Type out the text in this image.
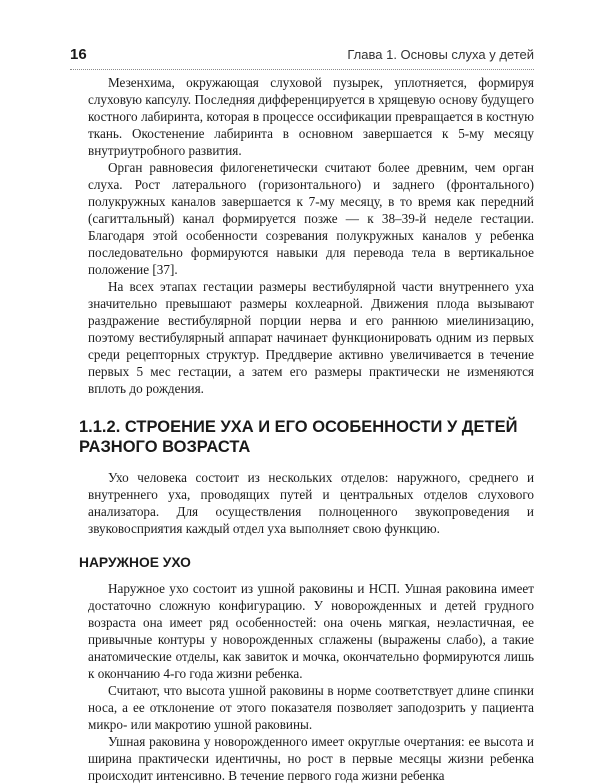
16	Глава 1. Основы слуха у детей

Мезенхима, окружающая слуховой пузырек, уплотняется, формируя слуховую капсулу. Последняя дифференцируется в хрящевую основу будущего костного лабиринта, которая в процессе оссификации превращается в костную ткань. Окостенение лабиринта в основном завершается к 5-му месяцу внутриутробного развития.

Орган равновесия филогенетически считают более древним, чем орган слуха. Рост латерального (горизонтального) и заднего (фронтального) полукружных каналов завершается к 7-му месяцу, в то время как передний (сагиттальный) канал формируется позже — к 38–39-й неделе гестации. Благодаря этой особенности созревания полукружных каналов у ребенка последовательно формируются навыки для перевода тела в вертикальное положение [37].

На всех этапах гестации размеры вестибулярной части внутреннего уха значительно превышают размеры кохлеарной. Движения плода вызывают раздражение вестибулярной порции нерва и его раннюю миелинизацию, поэтому вестибулярный аппарат начинает функционировать одним из первых среди рецепторных структур. Преддверие активно увеличивается в течение первых 5 мес гестации, а затем его размеры практически не изменяются вплоть до рождения.

1.1.2. СТРОЕНИЕ УХА И ЕГО ОСОБЕННОСТИ У ДЕТЕЙ РАЗНОГО ВОЗРАСТА

Ухо человека состоит из нескольких отделов: наружного, среднего и внутреннего уха, проводящих путей и центральных отделов слухового анализатора. Для осуществления полноценного звукопроведения и звуковосприятия каждый отдел уха выполняет свою функцию.

НАРУЖНОЕ УХО

Наружное ухо состоит из ушной раковины и НСП. Ушная раковина имеет достаточно сложную конфигурацию. У новорожденных и детей грудного возраста она имеет ряд особенностей: она очень мягкая, неэластичная, ее привычные контуры у новорожденных сглажены (выражены слабо), а такие анатомические отделы, как завиток и мочка, окончательно формируются лишь к окончанию 4-го года жизни ребенка.

Считают, что высота ушной раковины в норме соответствует длине спинки носа, а ее отклонение от этого показателя позволяет заподозрить у пациента микро- или макротию ушной раковины.

Ушная раковина у новорожденного имеет округлые очертания: ее высота и ширина практически идентичны, но рост в первые месяцы жизни ребенка происходит интенсивно. В течение первого года жизни ребенка
